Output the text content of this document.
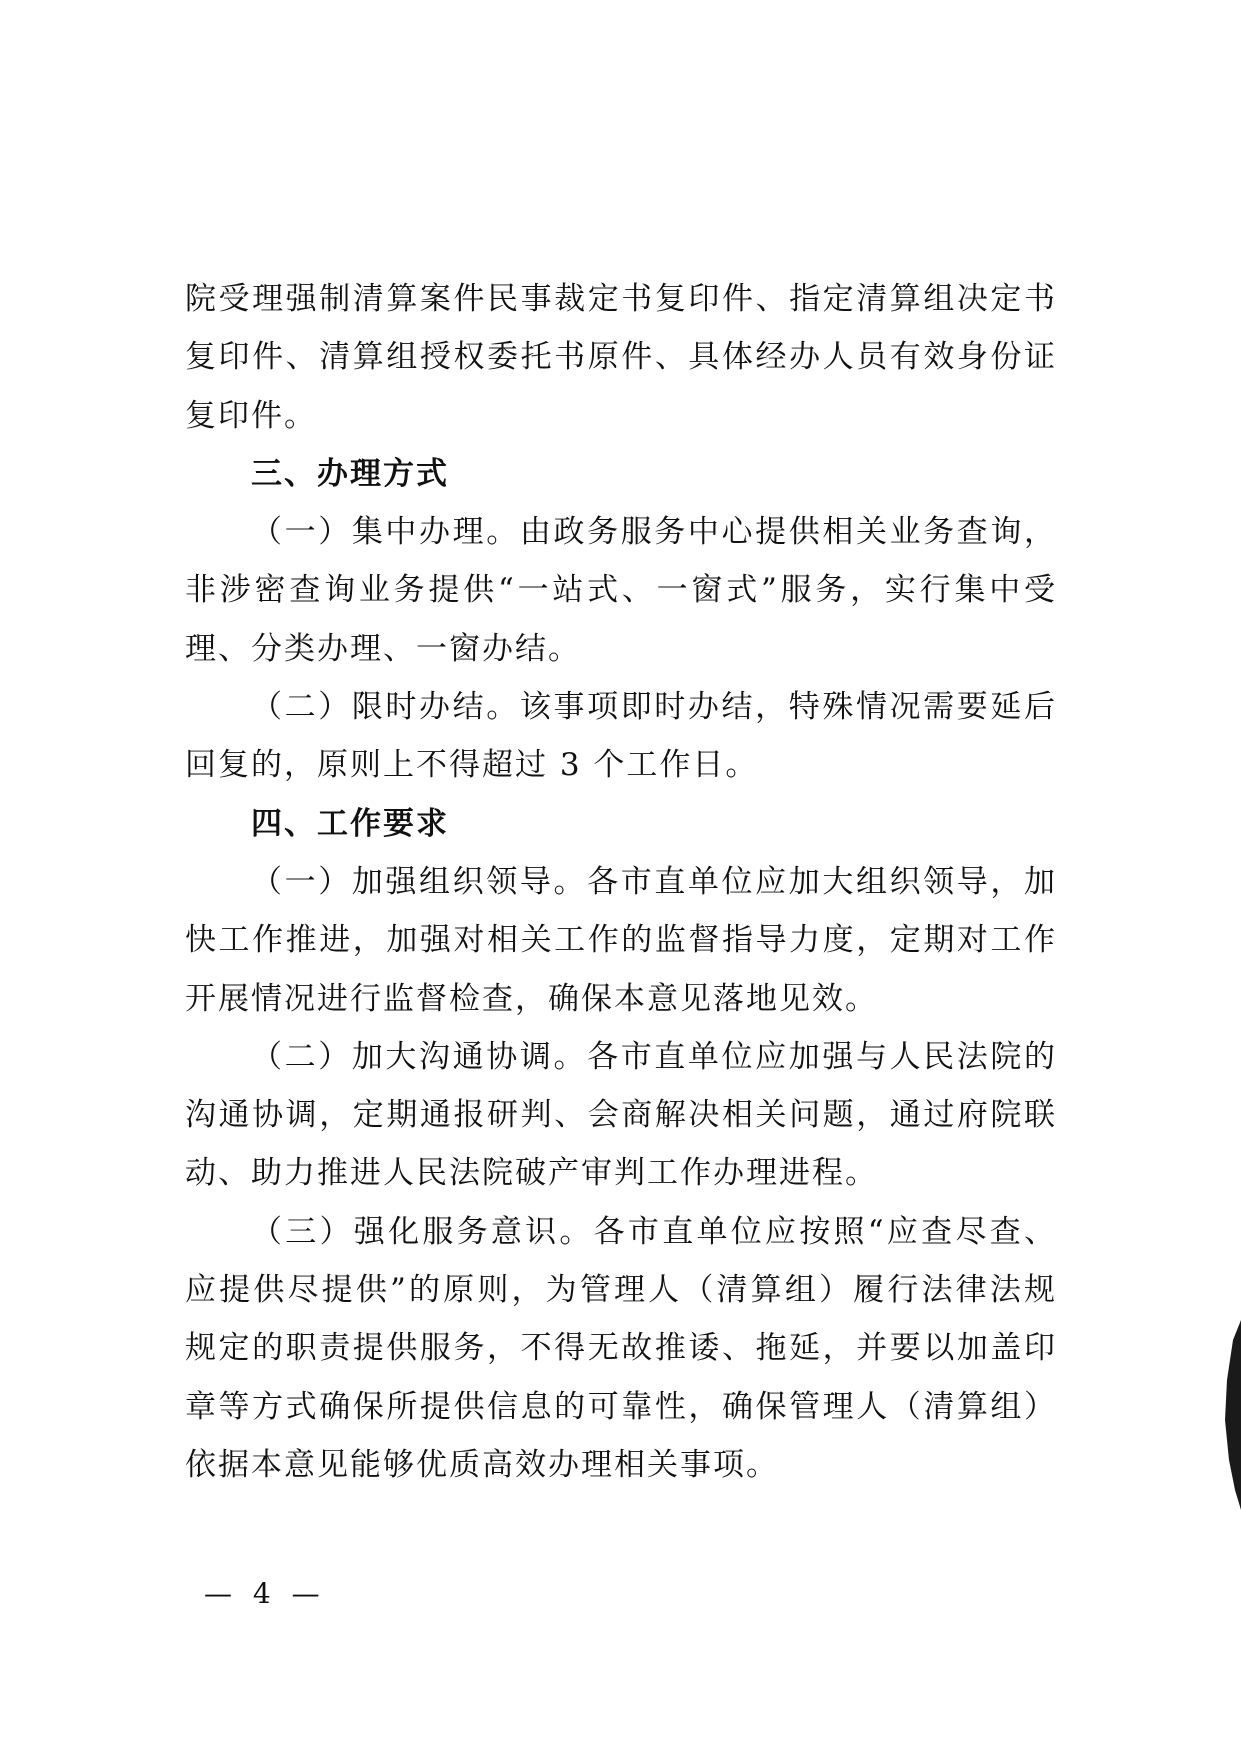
院受理强制清算案件民事裁定书复印件、指定清算组决定书复印件、清算组授权委托书原件、具体经办人员有效身份证复印件。

三、办理方式

（一）集中办理。由政务服务中心提供相关业务查询，非涉密查询业务提供“一站式、一窗式”服务，实行集中受理、分类办理、一窗办结。

（二）限时办结。该事项即时办结，特殊情况需要延后回复的，原则上不得超过 3 个工作日。

四、工作要求

（一）加强组织领导。各市直单位应加大组织领导，加快工作推进，加强对相关工作的监督指导力度，定期对工作开展情况进行监督检查，确保本意见落地见效。

（二）加大沟通协调。各市直单位应加强与人民法院的沟通协调，定期通报研判、会商解决相关问题，通过府院联动、助力推进人民法院破产审判工作办理进程。

（三）强化服务意识。各市直单位应按照“应查尽查、应提供尽提供”的原则，为管理人（清算组）履行法律法规规定的职责提供服务，不得无故推诿、拖延，并要以加盖印章等方式确保所提供信息的可靠性，确保管理人（清算组）依据本意见能够优质高效办理相关事项。

— 4 —
